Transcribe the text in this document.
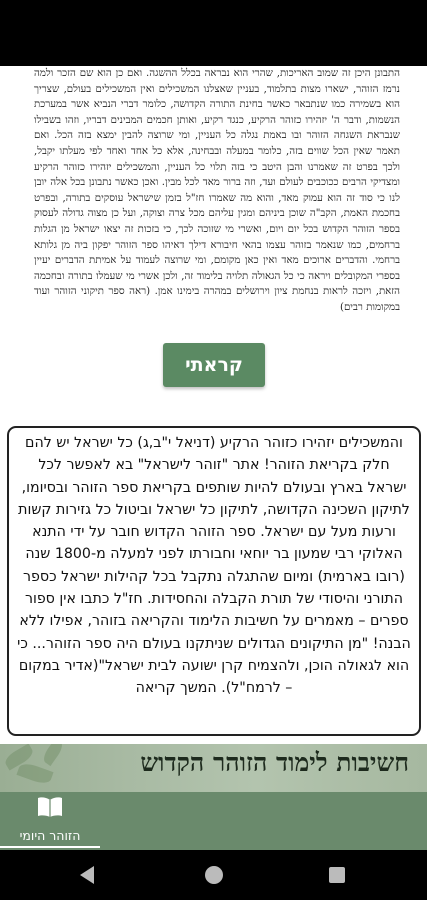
התבונן היכן זה שמוב האריכות, שהרי הוא נבראה בכלל ההשגה. ואם כן הוא שם הזכר ולמה נרמז הזוהר, ישארו מצות בתלמוד, בעניין שאצלנו המשכילים ואין המשכילים בעולם, שצריך הוא בשמירה כמו שנתבאר כאשר בחינת התורה הקדושה, כלומר דברי הנביא אשר במערכת הנשמות, ודבר ה' יזהירו כזוהר הרקיע, כנגד רקיע, ואותן חכמים המבינים דבריו, וזהו בשבילו שנבראת השגחה הזוהר ובו באמת נגלה כל העניין, ומי שרוצה להבין ימצא בזה הכל. ואם תאמר שאין הכל שווים בזה, כלומר במעלה ובבחינה, אלא כל אחד ואחד לפי מעלתו יקבל, ולכך בפרט זה שאמרנו והבן היטב כי בזה תלוי כל העניין, והמשכילים יזהירו כזוהר הרקיע ומצדיקי הרבים ככוכבים לעולם ועד, וזה ברור מאד לכל מבין. ואכן כאשר נתבונן בכל אלה יובן לנו כי סוד זה הוא עמוק מאד, והוא מה שאמרו חז"ל בזמן שישראל עוסקים בתורה, ובפרט בחכמת האמת, הקב"ה שוכן ביניהם ומגין עליהם מכל צרה וצוקה, ועל כן מצוה גדולה לעסוק בספר הזוהר הקדוש בכל יום ויום, ואשרי מי שזוכה לכך, כי בזכות זה יצאו ישראל מן הגלות ברחמים, כמו שנאמר בזוהר עצמו בהאי חיבורא דילך דאיהו ספר הזוהר יפקון ביה מן גלותא ברחמי. והדברים ארוכים מאד ואין כאן מקומם, ומי שרוצה לעמוד על אמיתת הדברים יעיין בספרי המקובלים ויראה כי כל הגאולה תלויה בלימוד זה, ולכן אשרי מי שעמלו בתורה ובחכמה הזאת, ויזכה לראות בנחמת ציון וירושלים במהרה בימינו אמן. (ראה ספר תיקוני הזוהר ועוד במקומות רבים)
קראתי
והמשכילים יזהירו כזוהר הרקיע (דניאל י"ב,ג) כל ישראל יש להם חלק בקריאת הזוהר! אתר "זוהר לישראל" בא לאפשר לכל ישראל בארץ ובעולם להיות שותפים בקריאת ספר הזוהר ובסיומו, לתיקון השכינה הקדושה, לתיקון כל ישראל וביטול כל גזירות קשות ורעות מעל עם ישראל. ספר הזוהר הקדוש חובר על ידי התנא האלוקי רבי שמעון בר יוחאי וחבורתו לפני למעלה מ-1800 שנה (רובו בארמית) ומיום שהתגלה נתקבל בכל קהילות ישראל כספר התורני והיסודי של תורת הקבלה והחסידות. חז"ל כתבו אין ספור ספרים – מאמרים על חשיבות הלימוד והקריאה בזוהר, אפילו ללא הבנה! "מן התיקונים הגדולים שניתקנו בעולם היה ספר הזוהר... כי הוא לגאולה הוכן, ולהצמיח קרן ישועה לבית ישראל"(אדיר במקום – לרמח"ל). המשך קריאה
חשיבות לימוד הזוהר הקדוש
הזוהר היומי
